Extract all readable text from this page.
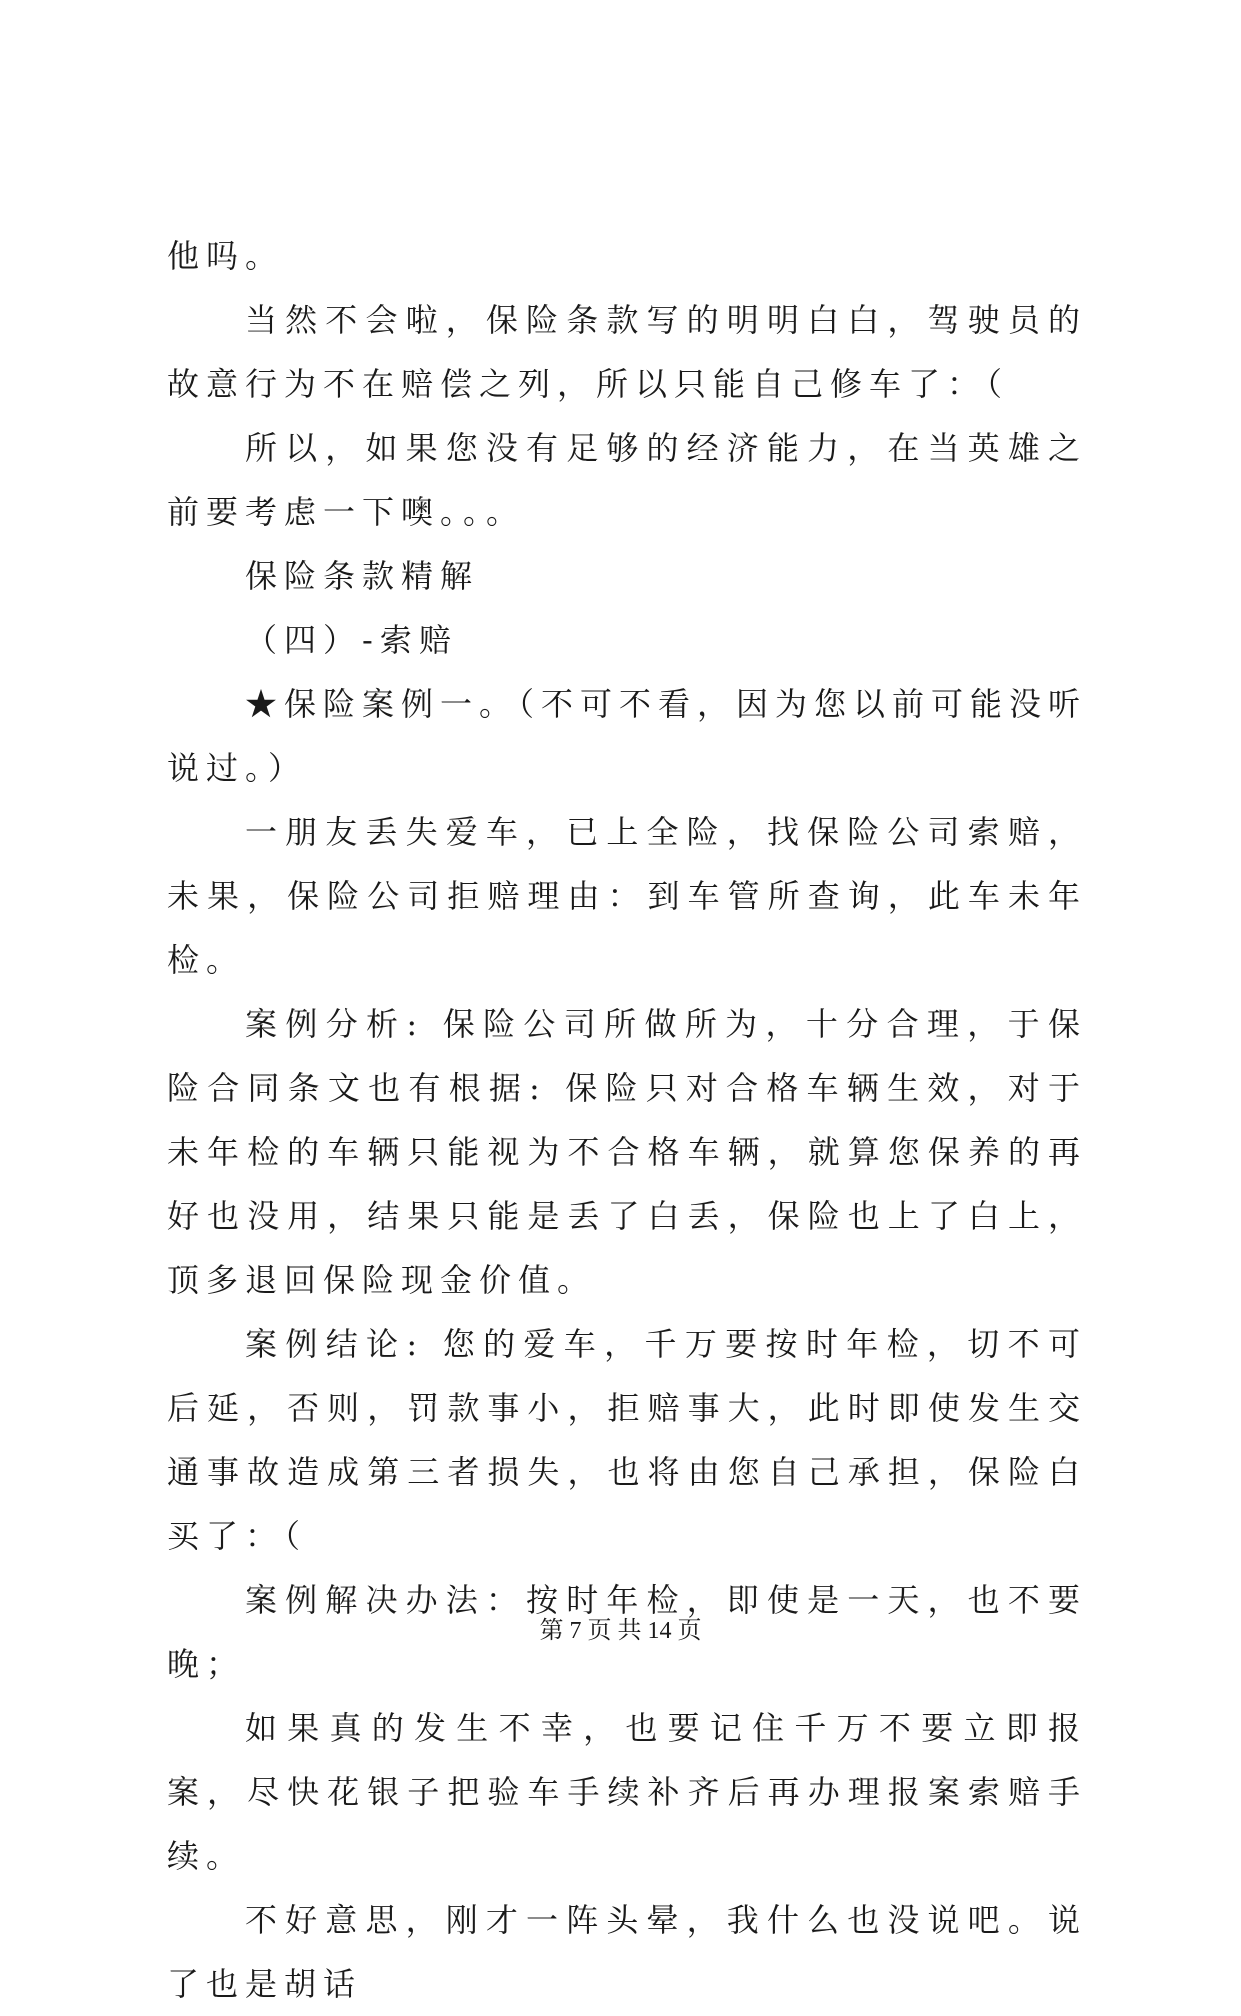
他吗。

当然不会啦，保险条款写的明明白白，驾驶员的故意行为不在赔偿之列，所以只能自己修车了：（

所以，如果您没有足够的经济能力，在当英雄之前要考虑一下噢。。。

保险条款精解

（四）-索赔

★保险案例一。（不可不看，因为您以前可能没听说过。）

一朋友丢失爱车，已上全险，找保险公司索赔，未果，保险公司拒赔理由：到车管所查询，此车未年检。

案例分析: 保险公司所做所为，十分合理，于保险合同条文也有根据: 保险只对合格车辆生效，对于未年检的车辆只能视为不合格车辆，就算您保养的再好也没用，结果只能是丢了白丢，保险也上了白上，顶多退回保险现金价值。

案例结论: 您的爱车，千万要按时年检，切不可后延，否则，罚款事小，拒赔事大，此时即使发生交通事故造成第三者损失，也将由您自己承担，保险白买了：（

案例解决办法：按时年检，即使是一天，也不要晚；

如果真的发生不幸，也要记住千万不要立即报案，尽快花银子把验车手续补齐后再办理报案索赔手续。

不好意思，刚才一阵头晕，我什么也没说吧。说了也是胡话

第 7 页 共 14 页
